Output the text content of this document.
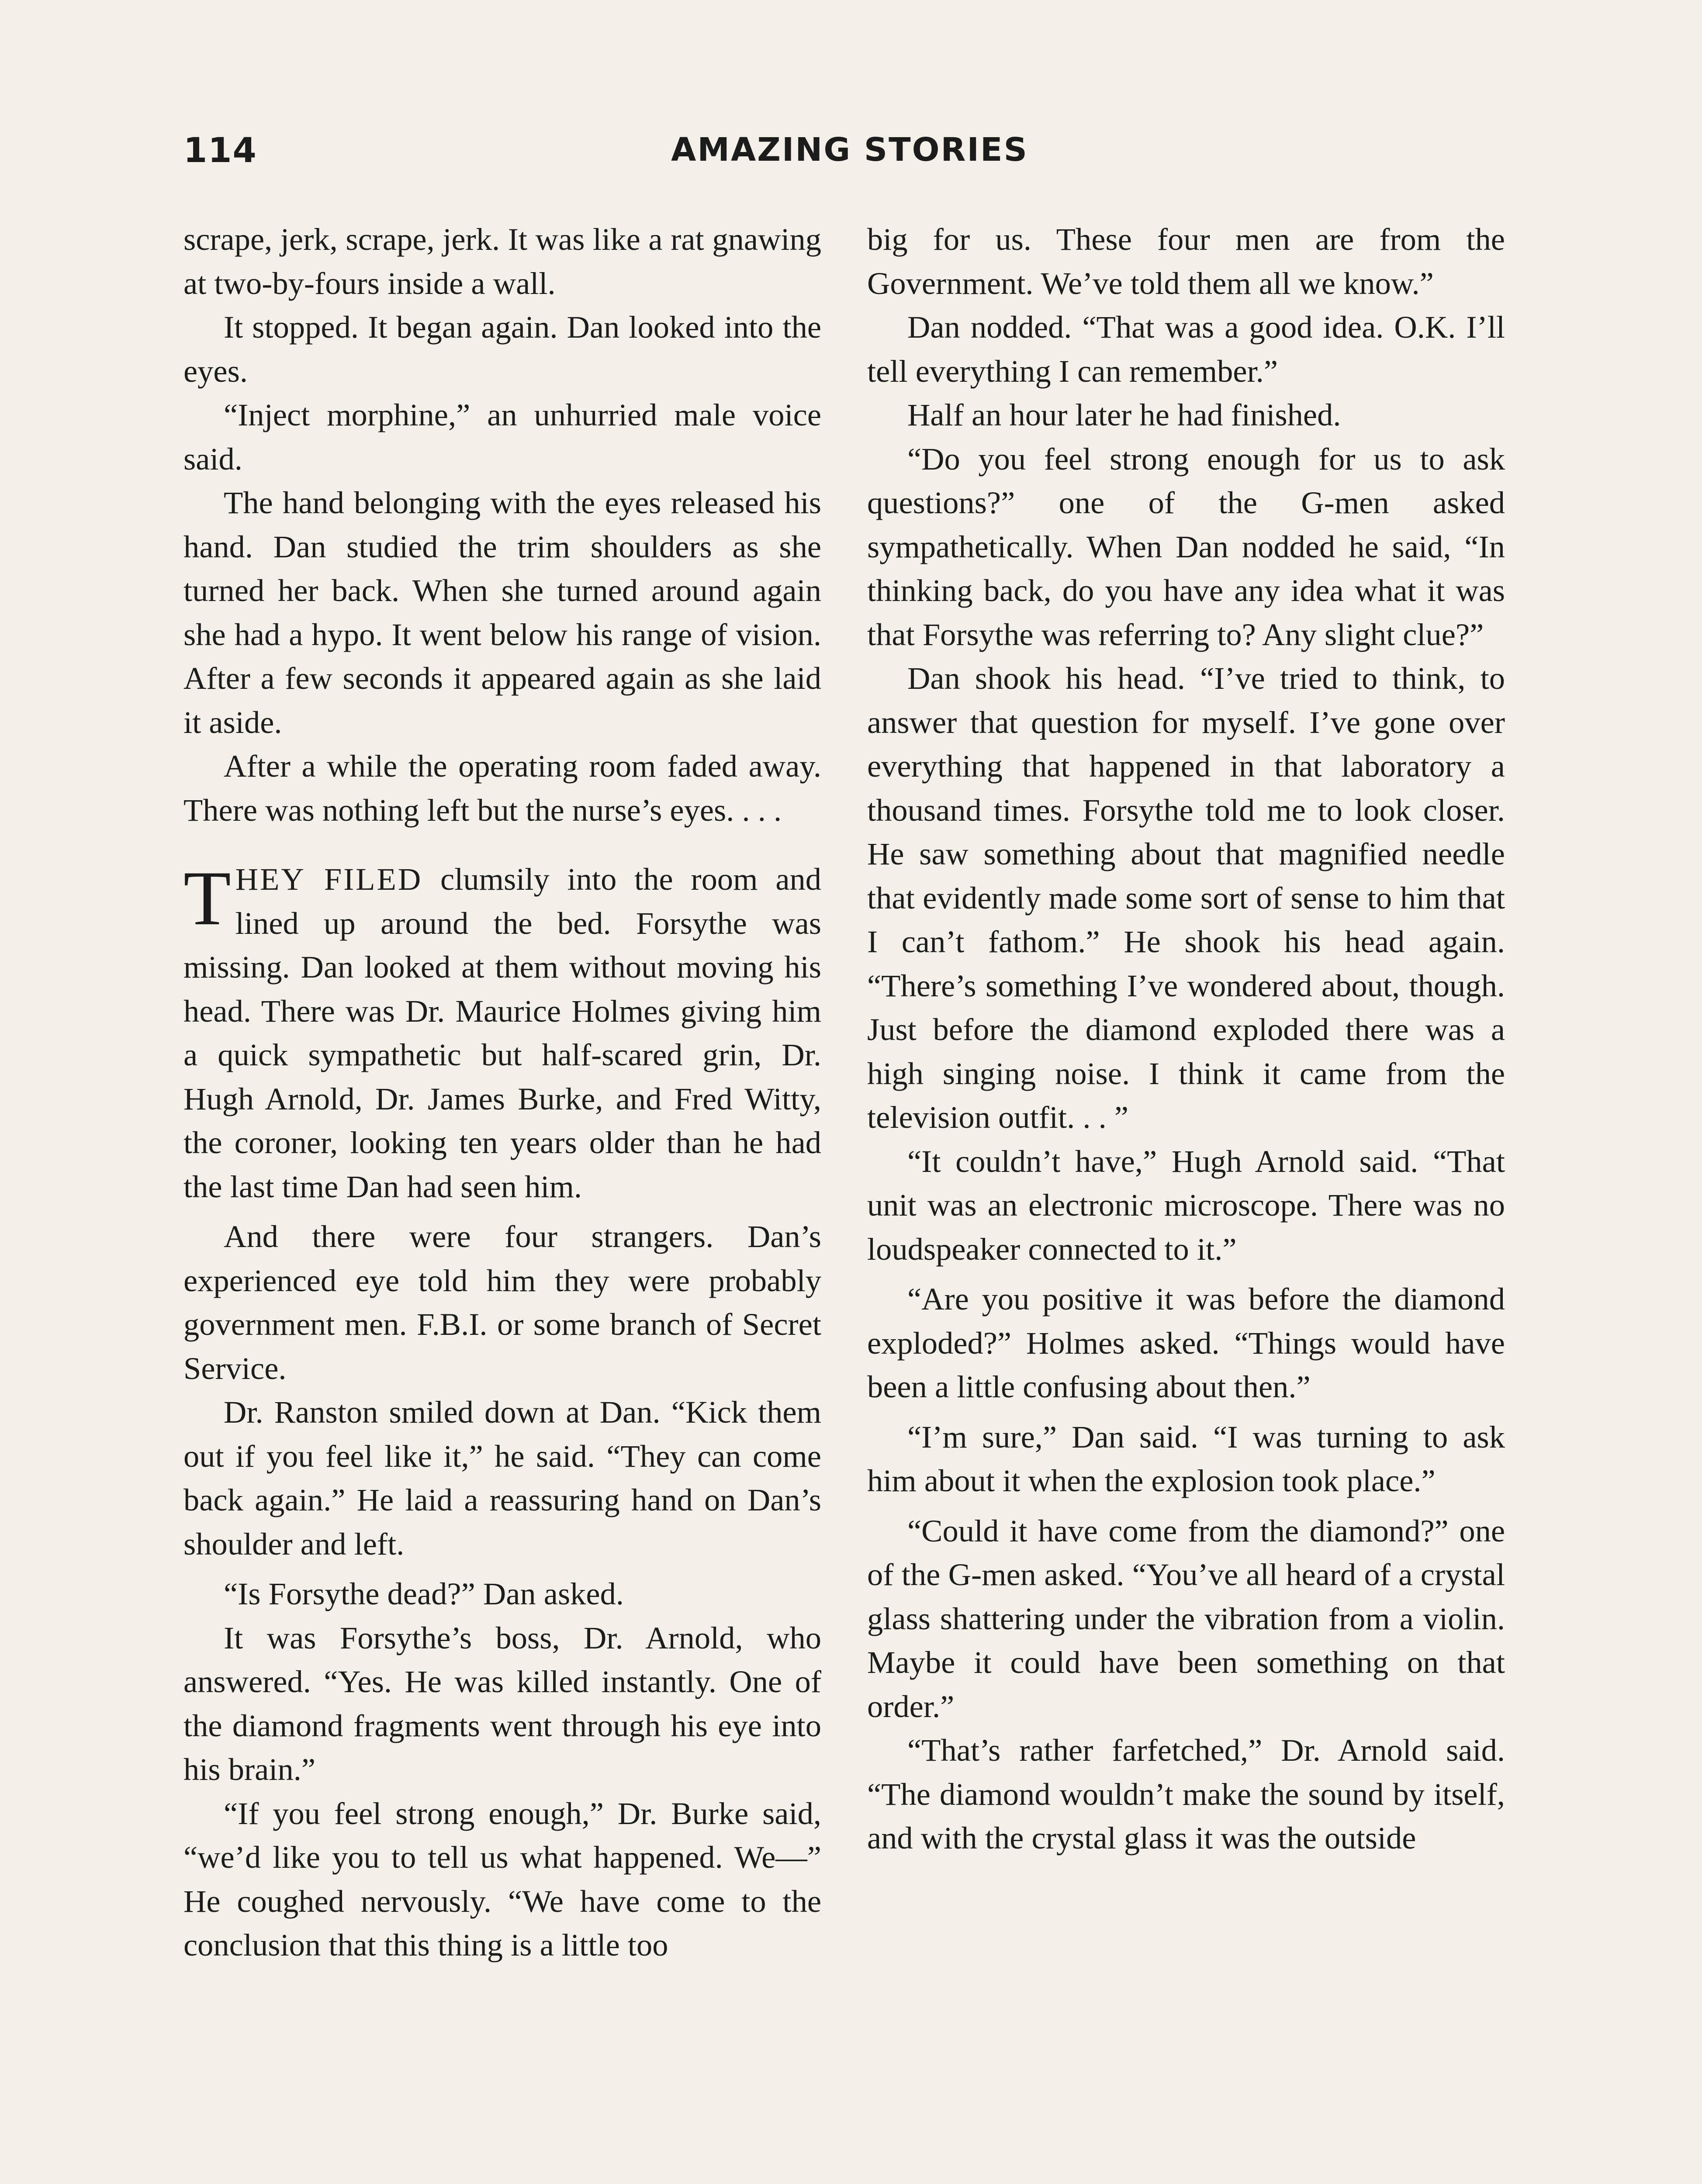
114	AMAZING STORIES

scrape, jerk, scrape, jerk. It was like a rat gnawing at two-by-fours inside a wall.

It stopped. It began again. Dan looked into the eyes.

“Inject morphine,” an unhurried male voice said.

The hand belonging with the eyes released his hand. Dan studied the trim shoulders as she turned her back. When she turned around again she had a hypo. It went below his range of vision. After a few seconds it appeared again as she laid it aside.

After a while the operating room faded away. There was nothing left but the nurse’s eyes. . . .

THEY FILED clumsily into the room and lined up around the bed. Forsythe was missing. Dan looked at them without moving his head. There was Dr. Maurice Holmes giving him a quick sympathetic but half-scared grin, Dr. Hugh Arnold, Dr. James Burke, and Fred Witty, the coroner, looking ten years older than he had the last time Dan had seen him.

And there were four strangers. Dan’s experienced eye told him they were probably government men. F.B.I. or some branch of Secret Service.

Dr. Ranston smiled down at Dan. “Kick them out if you feel like it,” he said. “They can come back again.” He laid a reassuring hand on Dan’s shoulder and left.

“Is Forsythe dead?” Dan asked.

It was Forsythe’s boss, Dr. Arnold, who answered. “Yes. He was killed instantly. One of the diamond fragments went through his eye into his brain.”

“If you feel strong enough,” Dr. Burke said, “we’d like you to tell us what happened. We—” He coughed nervously. “We have come to the conclusion that this thing is a little too

big for us. These four men are from the Government. We’ve told them all we know.”

Dan nodded. “That was a good idea. O.K. I’ll tell everything I can remember.”

Half an hour later he had finished.

“Do you feel strong enough for us to ask questions?” one of the G-men asked sympathetically. When Dan nodded he said, “In thinking back, do you have any idea what it was that Forsythe was referring to? Any slight clue?”

Dan shook his head. “I’ve tried to think, to answer that question for myself. I’ve gone over everything that happened in that laboratory a thousand times. Forsythe told me to look closer. He saw something about that magnified needle that evidently made some sort of sense to him that I can’t fathom.” He shook his head again. “There’s something I’ve wondered about, though. Just before the diamond exploded there was a high singing noise. I think it came from the television outfit. . . ”

“It couldn’t have,” Hugh Arnold said. “That unit was an electronic microscope. There was no loudspeaker connected to it.”

“Are you positive it was before the diamond exploded?” Holmes asked. “Things would have been a little confusing about then.”

“I’m sure,” Dan said. “I was turning to ask him about it when the explosion took place.”

“Could it have come from the diamond?” one of the G-men asked. “You’ve all heard of a crystal glass shattering under the vibration from a violin. Maybe it could have been something on that order.”

“That’s rather farfetched,” Dr. Arnold said. “The diamond wouldn’t make the sound by itself, and with the crystal glass it was the outside
